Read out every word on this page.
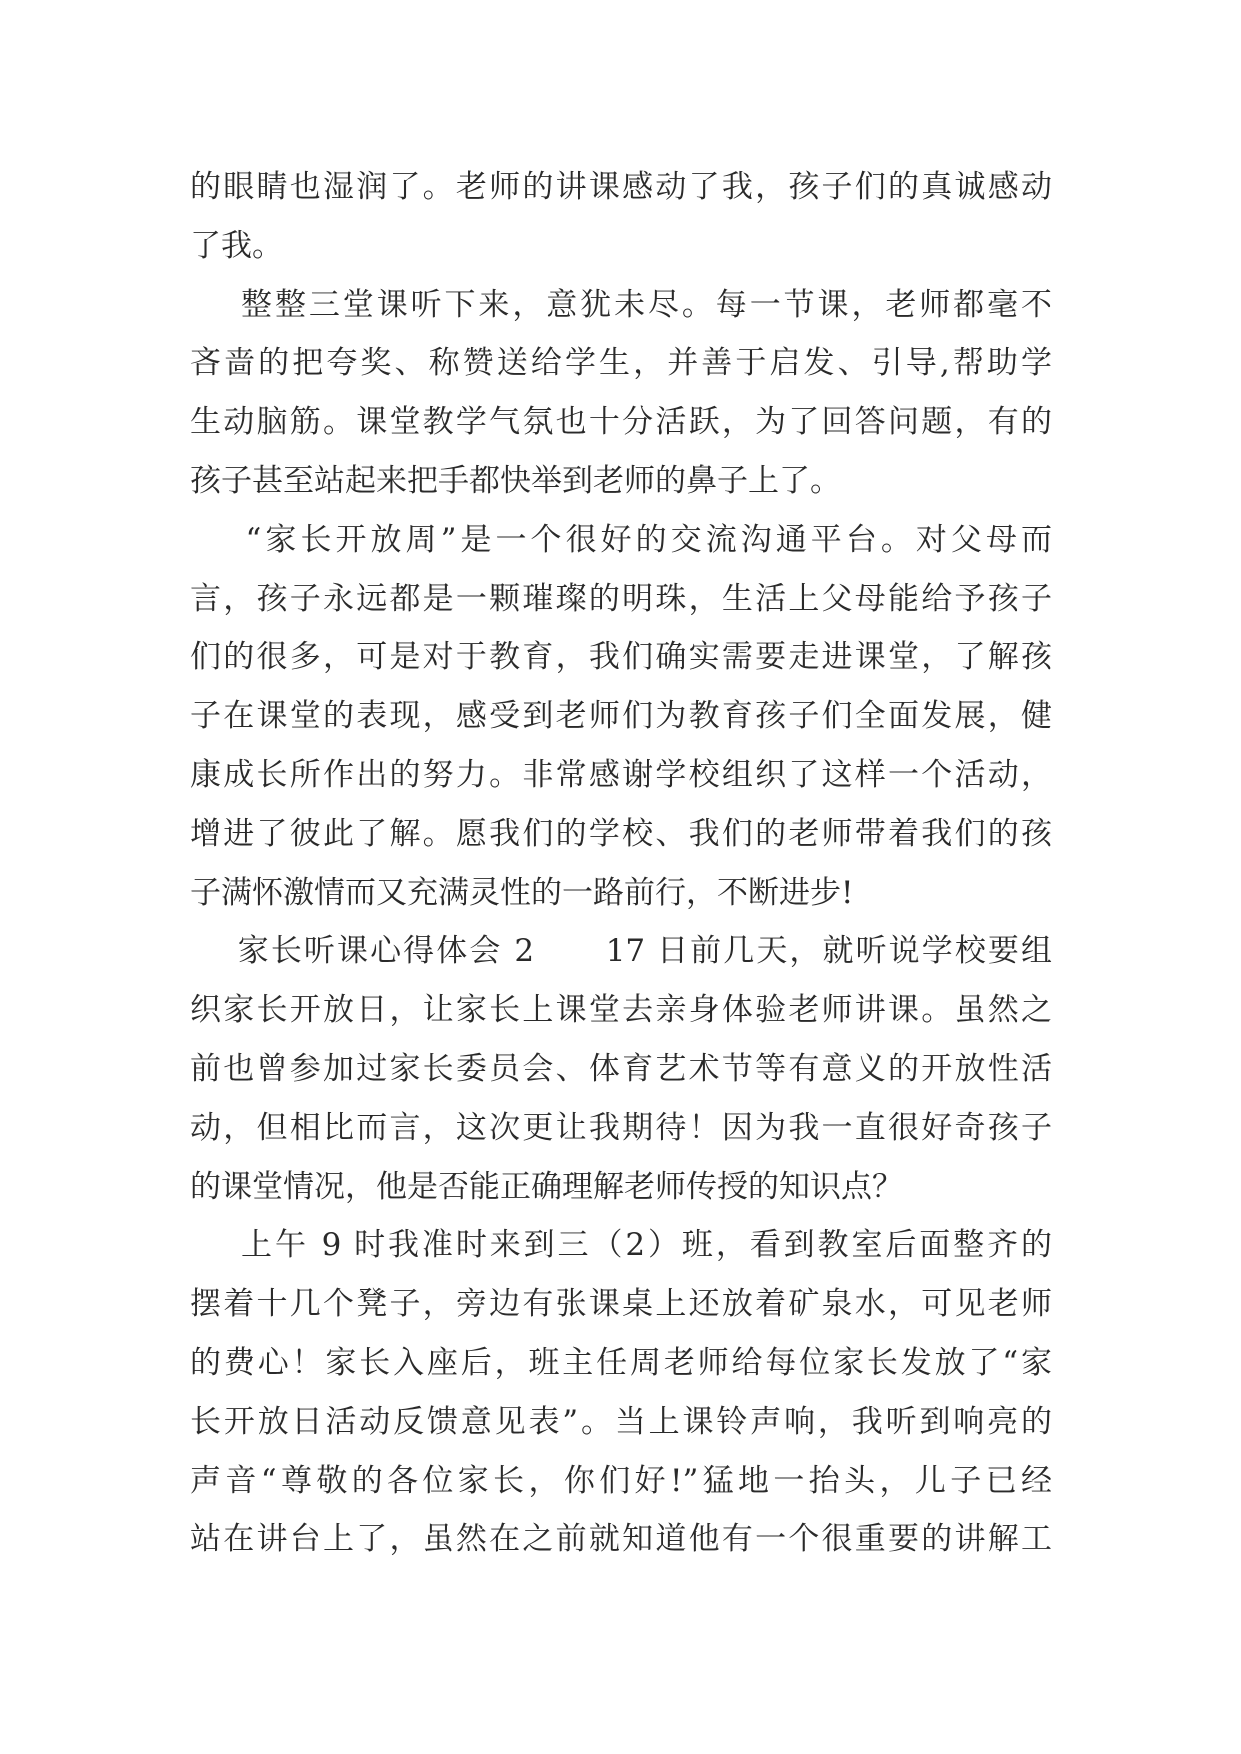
的眼睛也湿润了。老师的讲课感动了我，孩子们的真诚感动
了我。
整整三堂课听下来，意犹未尽。每一节课，老师都毫不
吝啬的把夸奖、称赞送给学生，并善于启发、引导,帮助学
生动脑筋。课堂教学气氛也十分活跃，为了回答问题，有的
孩子甚至站起来把手都快举到老师的鼻子上了。
“家长开放周”是一个很好的交流沟通平台。对父母而
言，孩子永远都是一颗璀璨的明珠，生活上父母能给予孩子
们的很多，可是对于教育，我们确实需要走进课堂，了解孩
子在课堂的表现，感受到老师们为教育孩子们全面发展，健
康成长所作出的努力。非常感谢学校组织了这样一个活动，
增进了彼此了解。愿我们的学校、我们的老师带着我们的孩
子满怀激情而又充满灵性的一路前行，不断进步!
家长听课心得体会 2      17 日前几天，就听说学校要组
织家长开放日，让家长上课堂去亲身体验老师讲课。虽然之
前也曾参加过家长委员会、体育艺术节等有意义的开放性活
动，但相比而言，这次更让我期待！因为我一直很好奇孩子
的课堂情况，他是否能正确理解老师传授的知识点？
上午 9 时我准时来到三（2）班，看到教室后面整齐的
摆着十几个凳子，旁边有张课桌上还放着矿泉水，可见老师
的费心！家长入座后，班主任周老师给每位家长发放了“家
长开放日活动反馈意见表”。当上课铃声响，我听到响亮的
声音“尊敬的各位家长，你们好!”猛地一抬头，儿子已经
站在讲台上了，虽然在之前就知道他有一个很重要的讲解工
